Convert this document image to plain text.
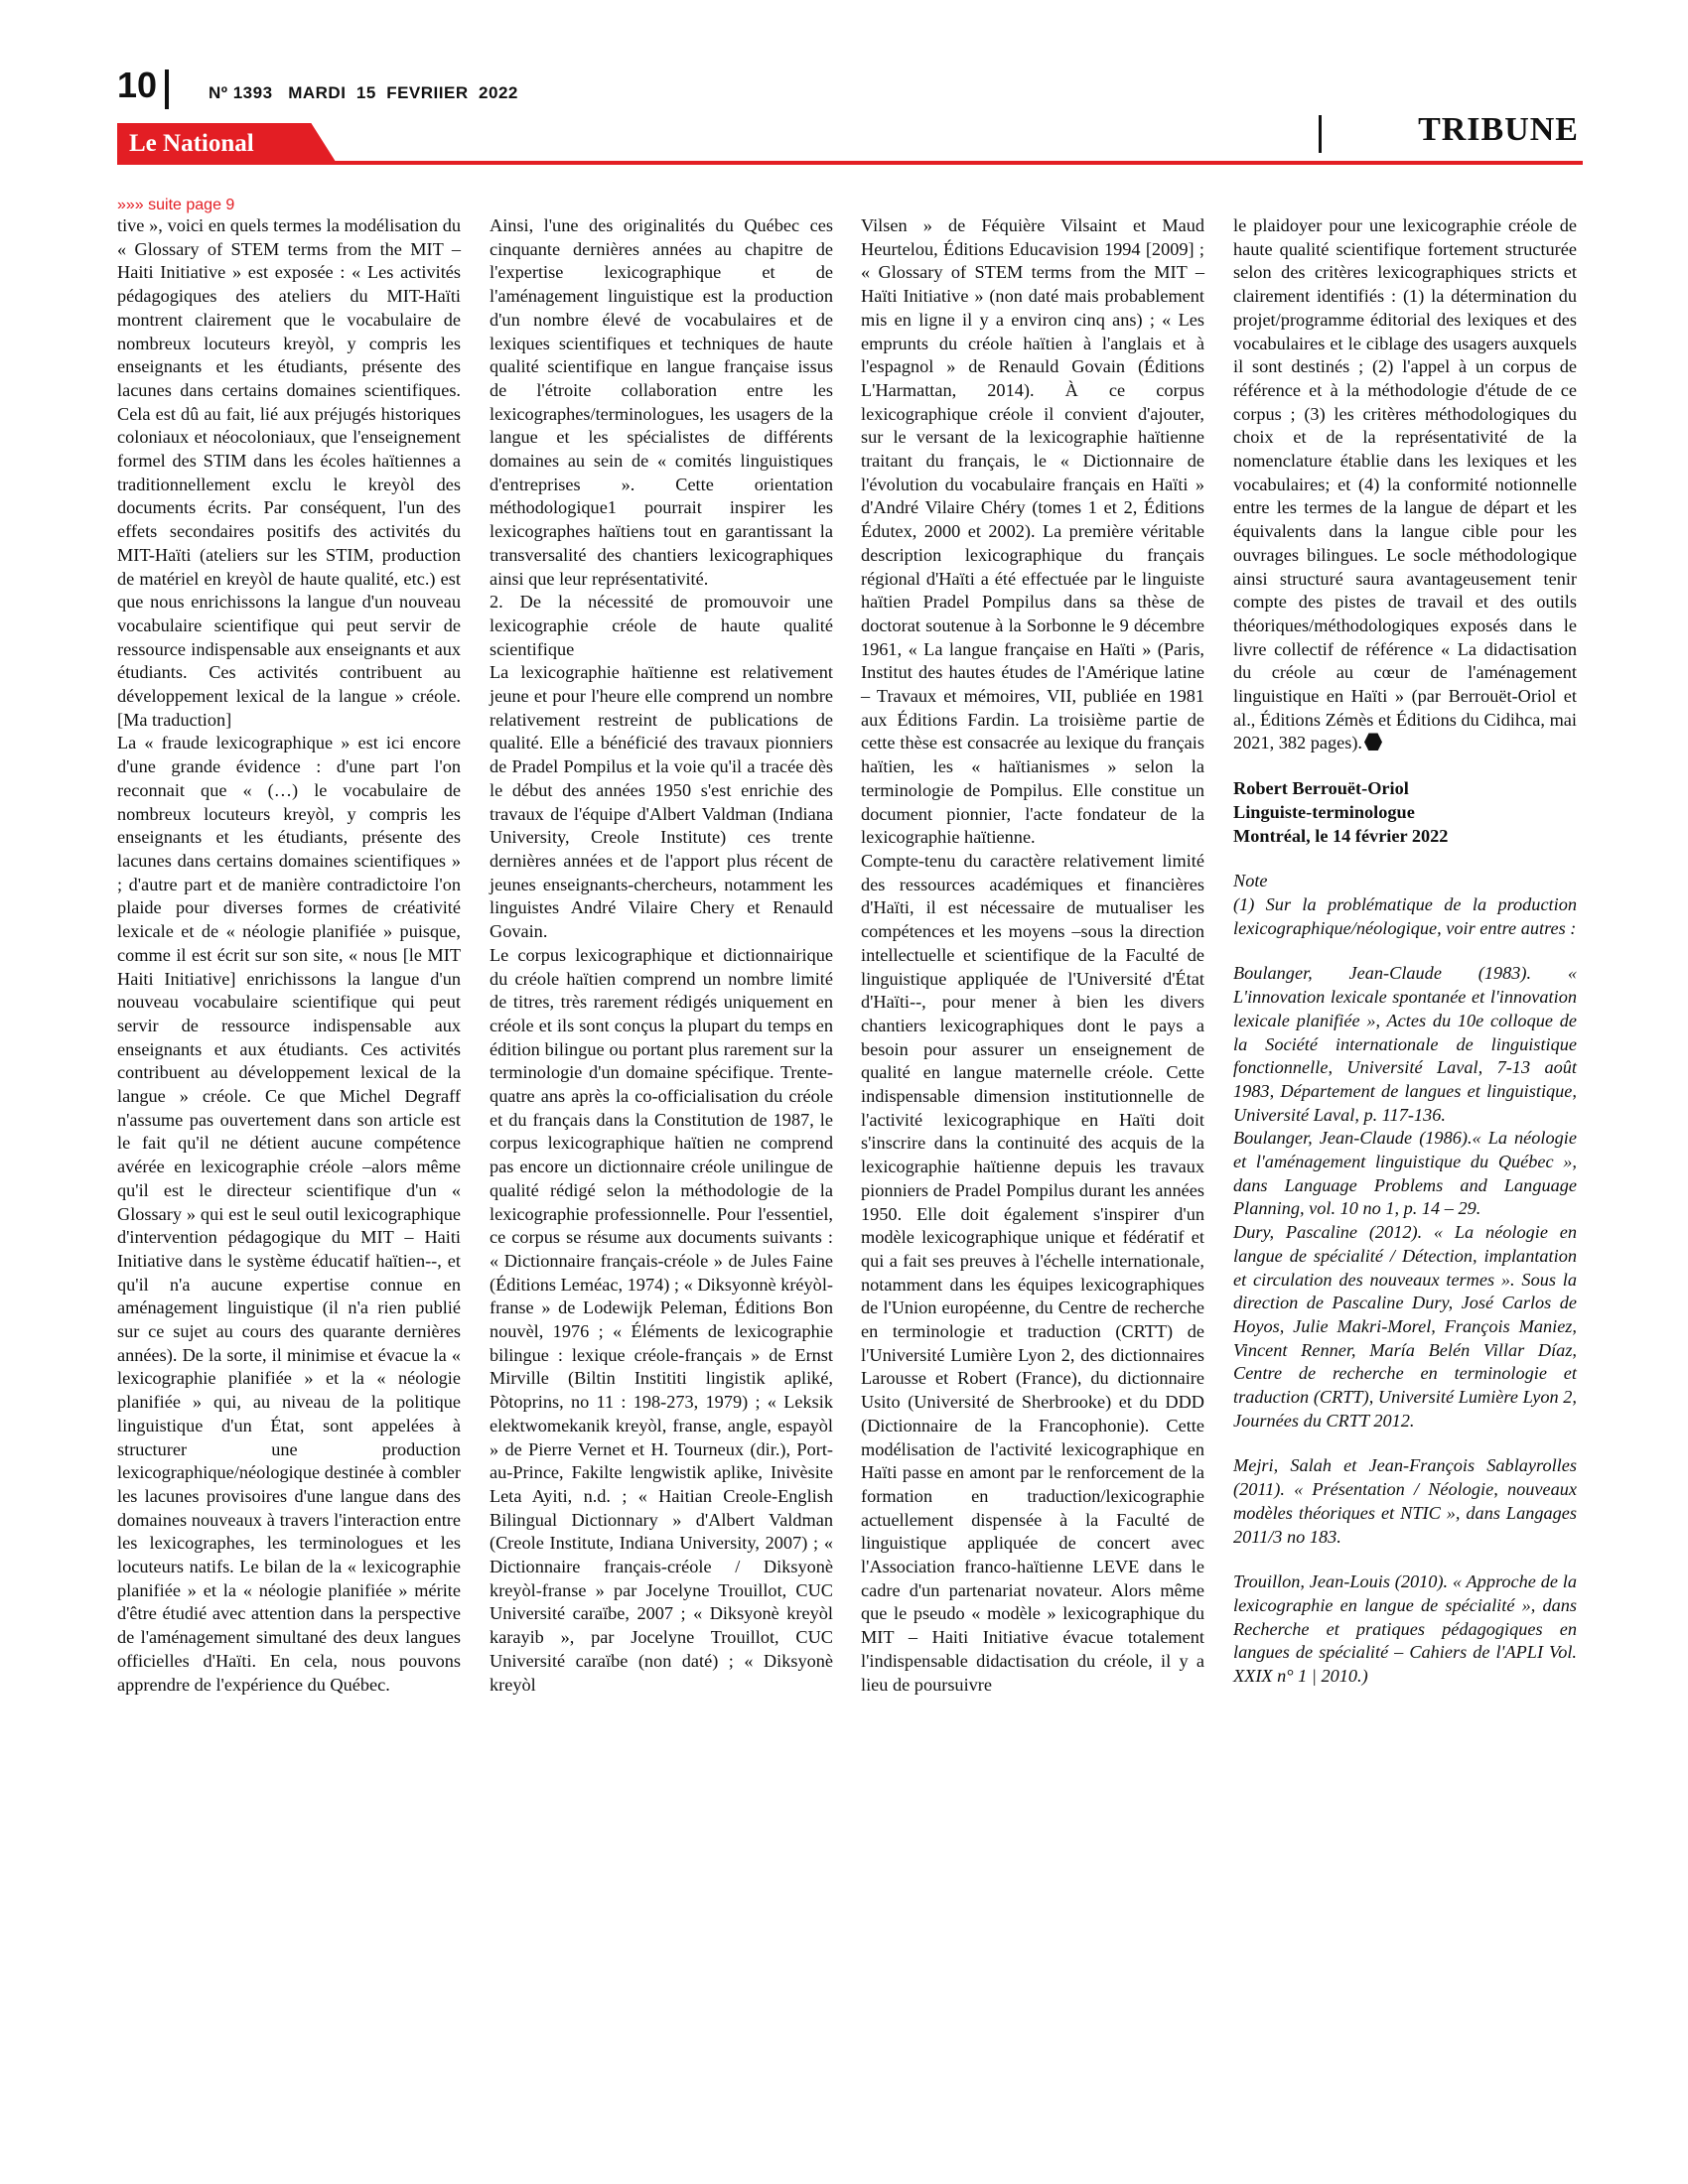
10	Nº 1393   MARDI  15  FEVRIIER  2022
Le National	TRIBUNE
»»» suite page 9

tive », voici en quels termes la modélisation du « Glossary of STEM terms from the MIT – Haiti Initiative » est exposée : « Les activités pédagogiques des ateliers du MIT-Haïti montrent clairement que le vocabulaire de nombreux locuteurs kreyòl, y compris les enseignants et les étudiants, présente des lacunes dans certains domaines scientifiques. Cela est dû au fait, lié aux préjugés historiques coloniaux et néocoloniaux, que l'enseignement formel des STIM dans les écoles haïtiennes a traditionnellement exclu le kreyòl des documents écrits. Par conséquent, l'un des effets secondaires positifs des activités du MIT-Haïti (ateliers sur les STIM, production de matériel en kreyòl de haute qualité, etc.) est que nous enrichissons la langue d'un nouveau vocabulaire scientifique qui peut servir de ressource indispensable aux enseignants et aux étudiants. Ces activités contribuent au développement lexical de la langue » créole. [Ma traduction]

La « fraude lexicographique » est ici encore d'une grande évidence : d'une part l'on reconnait que « (…) le vocabulaire de nombreux locuteurs kreyòl, y compris les enseignants et les étudiants, présente des lacunes dans certains domaines scientifiques » ; d'autre part et de manière contradictoire l'on plaide pour diverses formes de créativité lexicale et de « néologie planifiée » puisque, comme il est écrit sur son site, « nous [le MIT Haiti Initiative] enrichissons la langue d'un nouveau vocabulaire scientifique qui peut servir de ressource indispensable aux enseignants et aux étudiants. Ces activités contribuent au développement lexical de la langue » créole. Ce que Michel Degraff n'assume pas ouvertement dans son article est le fait qu'il ne détient aucune compétence avérée en lexicographie créole –alors même qu'il est le directeur scientifique d'un « Glossary » qui est le seul outil lexicographique d'intervention pédagogique du MIT – Haiti Initiative dans le système éducatif haïtien--, et qu'il n'a aucune expertise connue en aménagement linguistique (il n'a rien publié sur ce sujet au cours des quarante dernières années). De la sorte, il minimise et évacue la « lexicographie planifiée » et la « néologie planifiée » qui, au niveau de la politique linguistique d'un État, sont appelées à structurer une production lexicographique/néologique destinée à combler les lacunes provisoires d'une langue dans des domaines nouveaux à travers l'interaction entre les lexicographes, les terminologues et les locuteurs natifs. Le bilan de la « lexicographie planifiée » et la « néologie planifiée » mérite d'être étudié avec attention dans la perspective de l'aménagement simultané des deux langues officielles d'Haïti. En cela, nous pouvons apprendre de l'expérience du Québec.

Ainsi, l'une des originalités du Québec ces cinquante dernières années au chapitre de l'expertise lexicographique et de l'aménagement linguistique est la production d'un nombre élevé de vocabulaires et de lexiques scientifiques et techniques de haute qualité scientifique en langue française issus de l'étroite collaboration entre les lexicographes/terminologues, les usagers de la langue et les spécialistes de différents domaines au sein de « comités linguistiques d'entreprises ». Cette orientation méthodologique1 pourrait inspirer les lexicographes haïtiens tout en garantissant la transversalité des chantiers lexicographiques ainsi que leur représentativité.

2. De la nécessité de promouvoir une lexicographie créole de haute qualité scientifique

La lexicographie haïtienne est relativement jeune et pour l'heure elle comprend un nombre relativement restreint de publications de qualité. Elle a bénéficié des travaux pionniers de Pradel Pompilus et la voie qu'il a tracée dès le début des années 1950 s'est enrichie des travaux de l'équipe d'Albert Valdman (Indiana University, Creole Institute) ces trente dernières années et de l'apport plus récent de jeunes enseignants-chercheurs, notamment les linguistes André Vilaire Chery et Renauld Govain.

Le corpus lexicographique et dictionnairique du créole haïtien comprend un nombre limité de titres, très rarement rédigés uniquement en créole et ils sont conçus la plupart du temps en édition bilingue ou portant plus rarement sur la terminologie d'un domaine spécifique. Trente-quatre ans après la co-officialisation du créole et du français dans la Constitution de 1987, le corpus lexicographique haïtien ne comprend pas encore un dictionnaire créole unilingue de qualité rédigé selon la méthodologie de la lexicographie professionnelle. Pour l'essentiel, ce corpus se résume aux documents suivants : « Dictionnaire français-créole » de Jules Faine (Éditions Leméac, 1974) ; « Diksyonnè kréyòl-franse » de Lodewijk Peleman, Éditions Bon nouvèl, 1976 ; « Éléments de lexicographie bilingue : lexique créole-français » de Ernst Mirville (Biltin Instititi lingistik apliké, Pòtoprins, no 11 : 198-273, 1979) ; « Leksik elektwomekanik kreyòl, franse, angle, espayòl » de Pierre Vernet et H. Tourneux (dir.), Port-au-Prince, Fakilte lengwistik aplike, Inivèsite Leta Ayiti, n.d. ; « Haitian Creole-English Bilingual Dictionnary » d'Albert Valdman (Creole Institute, Indiana University, 2007) ; « Dictionnaire français-créole / Diksyonè kreyòl-franse » par Jocelyne Trouillot, CUC Université caraïbe, 2007 ; « Diksyonè kreyòl karayib », par Jocelyne Trouillot, CUC Université caraïbe (non daté) ; « Diksyonè kreyòl

Vilsen » de Féquière Vilsaint et Maud Heurtelou, Éditions Educavision 1994 [2009] ; « Glossary of STEM terms from the MIT – Haïti Initiative » (non daté mais probablement mis en ligne il y a environ cinq ans) ; « Les emprunts du créole haïtien à l'anglais et à l'espagnol » de Renauld Govain (Éditions L'Harmattan, 2014). À ce corpus lexicographique créole il convient d'ajouter, sur le versant de la lexicographie haïtienne traitant du français, le « Dictionnaire de l'évolution du vocabulaire français en Haïti » d'André Vilaire Chéry (tomes 1 et 2, Éditions Édutex, 2000 et 2002). La première véritable description lexicographique du français régional d'Haïti a été effectuée par le linguiste haïtien Pradel Pompilus dans sa thèse de doctorat soutenue à la Sorbonne le 9 décembre 1961, « La langue française en Haïti » (Paris, Institut des hautes études de l'Amérique latine – Travaux et mémoires, VII, publiée en 1981 aux Éditions Fardin. La troisième partie de cette thèse est consacrée au lexique du français haïtien, les « haïtianismes » selon la terminologie de Pompilus. Elle constitue un document pionnier, l'acte fondateur de la lexicographie haïtienne.

Compte-tenu du caractère relativement limité des ressources académiques et financières d'Haïti, il est nécessaire de mutualiser les compétences et les moyens –sous la direction intellectuelle et scientifique de la Faculté de linguistique appliquée de l'Université d'État d'Haïti--, pour mener à bien les divers chantiers lexicographiques dont le pays a besoin pour assurer un enseignement de qualité en langue maternelle créole. Cette indispensable dimension institutionnelle de l'activité lexicographique en Haïti doit s'inscrire dans la continuité des acquis de la lexicographie haïtienne depuis les travaux pionniers de Pradel Pompilus durant les années 1950. Elle doit également s'inspirer d'un modèle lexicographique unique et fédératif et qui a fait ses preuves à l'échelle internationale, notamment dans les équipes lexicographiques de l'Union européenne, du Centre de recherche en terminologie et traduction (CRTT) de l'Université Lumière Lyon 2, des dictionnaires Larousse et Robert (France), du dictionnaire Usito (Université de Sherbrooke) et du DDD (Dictionnaire de la Francophonie). Cette modélisation de l'activité lexicographique en Haïti passe en amont par le renforcement de la formation en traduction/lexicographie actuellement dispensée à la Faculté de linguistique appliquée de concert avec l'Association franco-haïtienne LEVE dans le cadre d'un partenariat novateur. Alors même que le pseudo « modèle » lexicographique du MIT – Haiti Initiative évacue totalement l'indispensable didactisation du créole, il y a lieu de poursuivre

le plaidoyer pour une lexicographie créole de haute qualité scientifique fortement structurée selon des critères lexicographiques stricts et clairement identifiés : (1) la détermination du projet/programme éditorial des lexiques et des vocabulaires et le ciblage des usagers auxquels il sont destinés ; (2) l'appel à un corpus de référence et à la méthodologie d'étude de ce corpus ; (3) les critères méthodologiques du choix et de la représentativité de la nomenclature établie dans les lexiques et les vocabulaires; et (4) la conformité notionnelle entre les termes de la langue de départ et les équivalents dans la langue cible pour les ouvrages bilingues. Le socle méthodologique ainsi structuré saura avantageusement tenir compte des pistes de travail et des outils théoriques/méthodologiques exposés dans le livre collectif de référence « La didactisation du créole au cœur de l'aménagement linguistique en Haïti » (par Berrouët-Oriol et al., Éditions Zémès et Éditions du Cidihca, mai 2021, 382 pages).

Robert Berrouët-Oriol
Linguiste-terminologue
Montréal, le 14 février 2022

Note

(1) Sur la problématique de la production lexicographique/néologique, voir entre autres :

Boulanger, Jean-Claude (1983). « L'innovation lexicale spontanée et l'innovation lexicale planifiée », Actes du 10e colloque de la Société internationale de linguistique fonctionnelle, Université Laval, 7-13 août 1983, Département de langues et linguistique, Université Laval, p. 117-136.

Boulanger, Jean-Claude (1986).« La néologie et l'aménagement linguistique du Québec », dans Language Problems and Language Planning, vol. 10 no 1, p. 14 – 29.

Dury, Pascaline (2012). « La néologie en langue de spécialité / Détection, implantation et circulation des nouveaux termes ». Sous la direction de Pascaline Dury, José Carlos de Hoyos, Julie Makri-Morel, François Maniez, Vincent Renner, María Belén Villar Díaz, Centre de recherche en terminologie et traduction (CRTT), Université Lumière Lyon 2, Journées du CRTT 2012.

Mejri, Salah et Jean-François Sablayrolles (2011). « Présentation / Néologie, nouveaux modèles théoriques et NTIC », dans Langages 2011/3 no 183.

Trouillon, Jean-Louis (2010). « Approche de la lexicographie en langue de spécialité », dans Recherche et pratiques pédagogiques en langues de spécialité – Cahiers de l'APLI Vol. XXIX n° 1 | 2010.)
